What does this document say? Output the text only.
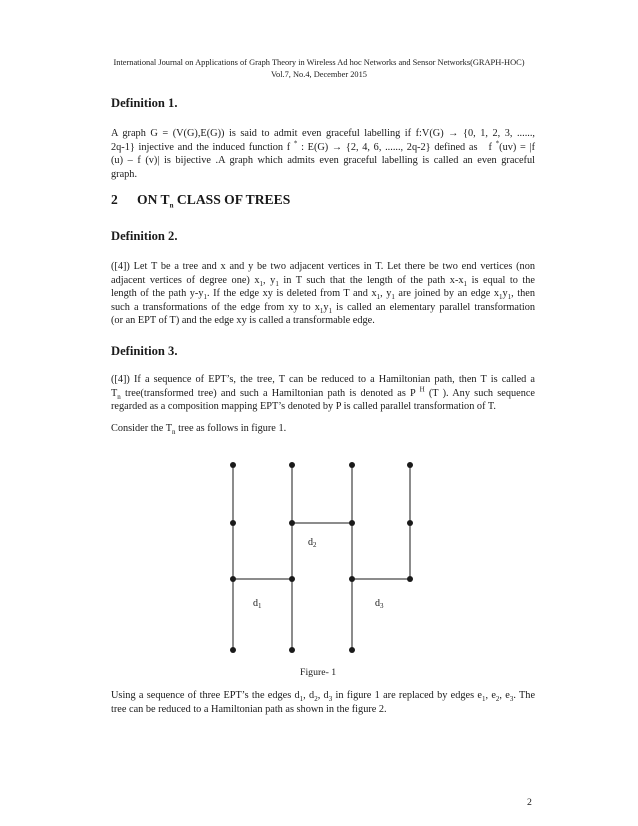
International Journal on Applications of Graph Theory in Wireless Ad hoc Networks and Sensor Networks(GRAPH-HOC)
Vol.7, No.4, December 2015
Definition 1.
A graph G = (V(G),E(G)) is said to admit even graceful labelling if f:V(G) → {0, 1, 2, 3, ......,
2q-1} injective and the induced function f * : E(G) → {2, 4, 6, ......, 2q-2} defined as   f *(uv) = |f
(u) – f (v)| is bijective .A graph which admits even graceful labelling is called an even graceful
graph.
2 ON $T_n$ CLASS OF TREES
Definition 2.
([4]) Let T be a tree and x and y be two adjacent vertices in T. Let there be two end vertices (non
adjacent vertices of degree one) $x_1$, $y_1$ in T such that the length of the path $x-x_1$ is equal to the
length of the path $y-y_1$. If the edge xy is deleted from T and $x_1$, $y_1$ are joined by an edge $x_1y_1$, then
such a transformations of the edge from xy to $x_1y_1$ is called an elementary parallel transformation
(or an EPT of T) and the edge xy is called a transformable edge.
Definition 3.
([4]) If a sequence of EPT’s, the tree, T can be reduced to a Hamiltonian path, then T is called a
$T_n$ tree(transformed tree) and such a Hamiltonian path is denoted as P $^H$ (T ). Any such sequence
regarded as a composition mapping EPT’s denoted by P is called parallel transformation of T.
Consider the $T_n$ tree as follows in figure 1.
$d_2$
$d_1$	$d_3$
Figure- 1
Using a sequence of three EPT’s the edges $d_1$, $d_2$, $d_3$ in figure 1 are replaced by edges $e_1$, $e_2$, $e_3$. The
tree can be reduced to a Hamiltonian path as shown in the figure 2.
2
